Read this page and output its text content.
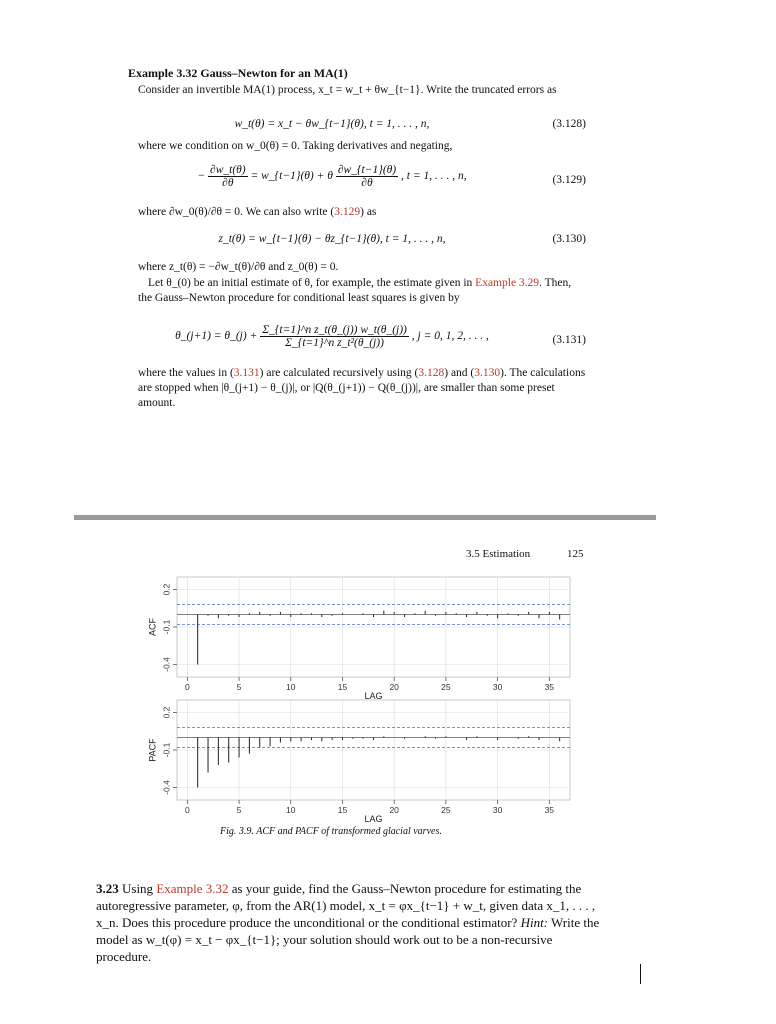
Example 3.32 Gauss–Newton for an MA(1)
Consider an invertible MA(1) process, x_t = w_t + θw_{t−1}. Write the truncated errors as
w_t(θ) = x_t − θw_{t−1}(θ), t = 1, . . . , n,	(3.128)
where we condition on w_0(θ) = 0. Taking derivatives and negating,
− $\frac{\partial w\_t(\theta)}{\partial\theta}$ = w_{t−1}(θ) + θ $\frac{\partial w\_\{t-1\}(\theta)}{\partial\theta}$ , t = 1, . . . , n,	(3.129)
where ∂w_0(θ)/∂θ = 0. We can also write (3.129) as
z_t(θ) = w_{t−1}(θ) − θz_{t−1}(θ), t = 1, . . . , n,	(3.130)
where z_t(θ) = −∂w_t(θ)/∂θ and z_0(θ) = 0.
Let θ_(0) be an initial estimate of θ, for example, the estimate given in Example 3.29. Then, the Gauss–Newton procedure for conditional least squares is given by
θ_(j+1) = θ_(j) + $\frac{\text{Σ\_\{t=1\}\textasciicircum{}n z\_t(θ\_(j)) w\_t(θ\_(j))}}{\text{Σ\_\{t=1\}\textasciicircum{}n z\_t²(θ\_(j))}}$ , j = 0, 1, 2, . . . ,	(3.131)
where the values in (3.131) are calculated recursively using (3.128) and (3.130). The calculations are stopped when |θ_(j+1) − θ_(j)|, or |Q(θ_(j+1)) − Q(θ_(j))|, are smaller than some preset amount.
3.5 Estimation	125
0.2
-0.1
-0.4
ACF
0	5	10	15	20	25	30	35
LAG
0.2
-0.1
-0.4
PACF
0	5	10	15	20	25	30	35
LAG
Fig. 3.9. ACF and PACF of transformed glacial varves.
3.23 Using Example 3.32 as your guide, find the Gauss–Newton procedure for estimating the autoregressive parameter, φ, from the AR(1) model, x_t = φx_{t−1} + w_t, given data x_1, . . . , x_n. Does this procedure produce the unconditional or the conditional estimator? Hint: Write the model as w_t(φ) = x_t − φx_{t−1}; your solution should work out to be a non-recursive procedure.
